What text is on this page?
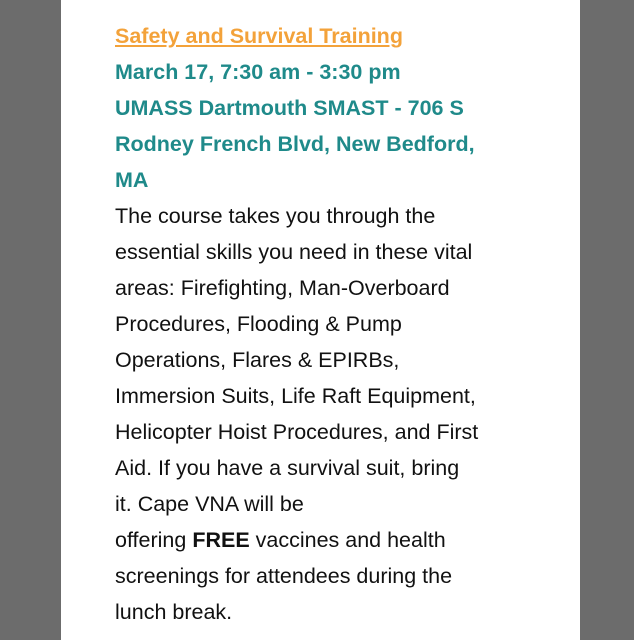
Safety and Survival Training
March 17, 7:30 am - 3:30 pm
UMASS Dartmouth SMAST - 706 S
Rodney French Blvd, New Bedford,
MA
The course takes you through the
essential skills you need in these vital
areas: Firefighting, Man-Overboard
Procedures, Flooding & Pump
Operations, Flares & EPIRBs,
Immersion Suits, Life Raft Equipment,
Helicopter Hoist Procedures, and First
Aid. If you have a survival suit, bring
it. Cape VNA will be
offering FREE vaccines and health
screenings for attendees during the
lunch break.
